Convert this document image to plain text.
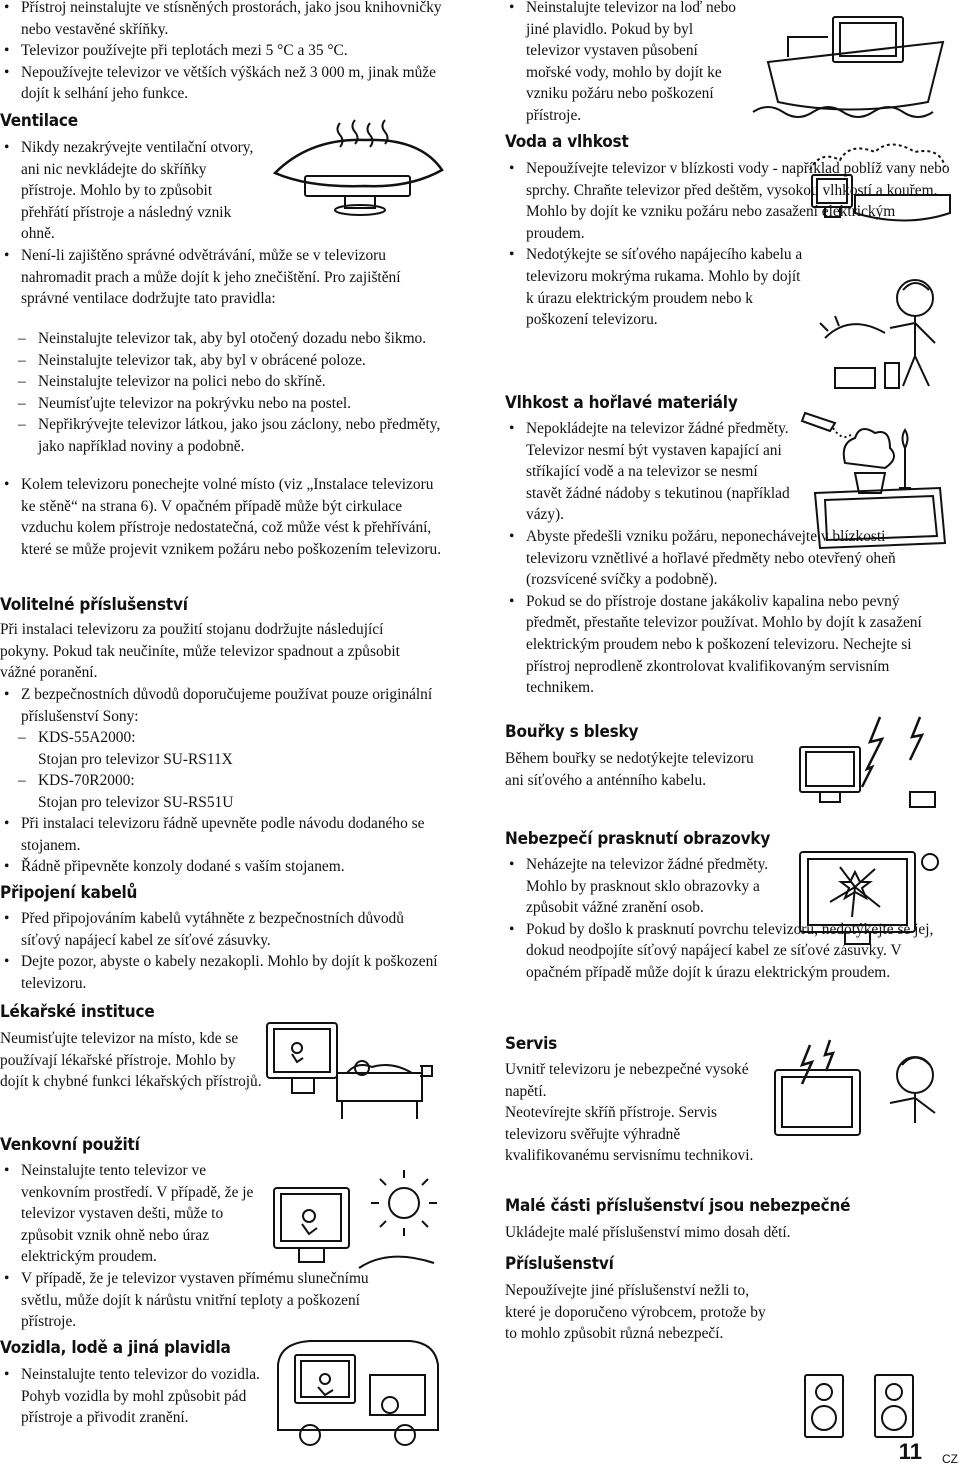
• Přístroj neinstalujte ve stísněných prostorách, jako jsou knihovničky nebo vestavěné skříňky.
• Televizor používejte při teplotách mezi 5 °C a 35 °C.
• Nepoužívejte televizor ve větších výškách než 3 000 m, jinak může dojít k selhání jeho funkce.
Ventilace
• Nikdy nezakrývejte ventilační otvory, ani nic nevkládejte do skříňky přístroje. Mohlo by to způsobit přehřátí přístroje a následný vznik ohně.
• Není-li zajištěno správné odvětrávání, může se v televizoru nahromadit prach a může dojít k jeho znečištění. Pro zajištění správné ventilace dodržujte tato pravidla:
– Neinstalujte televizor tak, aby byl otočený dozadu nebo šikmo.
– Neinstalujte televizor tak, aby byl v obrácené poloze.
– Neinstalujte televizor na polici nebo do skříně.
– Neumísťujte televizor na pokrývku nebo na postel.
– Nepřikrývejte televizor látkou, jako jsou záclony, nebo předměty, jako například noviny a podobně.
• Kolem televizoru ponechejte volné místo (viz „Instalace televizoru ke stěně“ na strana 6). V opačném případě může být cirkulace vzduchu kolem přístroje nedostatečná, což může vést k přehřívání, které se může projevit vznikem požáru nebo poškozením televizoru.
Volitelné příslušenství

Při instalaci televizoru za použití stojanu dodržujte následující pokyny. Pokud tak neučiníte, může televizor spadnout a způsobit vážné poranění.

• Z bezpečnostních důvodů doporučujeme používat pouze originální příslušenství Sony:
– KDS-55A2000:
Stojan pro televizor SU-RS11X
– KDS-70R2000:
Stojan pro televizor SU-RS51U
• Při instalaci televizoru řádně upevněte podle návodu dodaného se stojanem.
• Řádně připevněte konzoly dodané s vaším stojanem.
Připojení kabelů
• Před připojováním kabelů vytáhněte z bezpečnostních důvodů síťový napájecí kabel ze síťové zásuvky.
• Dejte pozor, abyste o kabely nezakopli. Mohlo by dojít k poškození televizoru.
Lékařské instituce

Neumisťujte televizor na místo, kde se používají lékařské přístroje. Mohlo by dojít k chybné funkci lékařských přístrojů.

Venkovní použití
• Neinstalujte tento televizor ve venkovním prostředí. V případě, že je televizor vystaven dešti, může to způsobit vznik ohně nebo úraz elektrickým proudem.
• V případě, že je televizor vystaven přímému slunečnímu světlu, může dojít k nárůstu vnitřní teploty a poškození přístroje.
Vozidla, lodě a jiná plavidla
• Neinstalujte tento televizor do vozidla. Pohyb vozidla by mohl způsobit pád přístroje a přivodit zranění.
• Neinstalujte televizor na loď nebo jiné plavidlo. Pokud by byl televizor vystaven působení mořské vody, mohlo by dojít ke vzniku požáru nebo poškození přístroje.
Voda a vlhkost
• Nepoužívejte televizor v blízkosti vody - například poblíž vany nebo sprchy. Chraňte televizor před deštěm, vysokou vlhkostí a kouřem. Mohlo by dojít ke vzniku požáru nebo zasažení elektrickým proudem.
• Nedotýkejte se síťového napájecího kabelu a televizoru mokrýma rukama. Mohlo by dojít k úrazu elektrickým proudem nebo k poškození televizoru.
Vlhkost a hořlavé materiály
• Nepokládejte na televizor žádné předměty. Televizor nesmí být vystaven kapající ani stříkající vodě a na televizor se nesmí stavět žádné nádoby s tekutinou (například vázy).
• Abyste předešli vzniku požáru, neponechávejte v blízkosti televizoru vznětlivé a hořlavé předměty nebo otevřený oheň (rozsvícené svíčky a podobně).
• Pokud se do přístroje dostane jakákoliv kapalina nebo pevný předmět, přestaňte televizor používat. Mohlo by dojít k zasažení elektrickým proudem nebo k poškození televizoru. Nechejte si přístroj neprodleně zkontrolovat kvalifikovaným servisním technikem.
Bouřky s blesky

Během bouřky se nedotýkejte televizoru ani síťového a anténního kabelu.

Nebezpečí prasknutí obrazovky
• Neházejte na televizor žádné předměty. Mohlo by prasknout sklo obrazovky a způsobit vážné zranění osob.
• Pokud by došlo k prasknutí povrchu televizoru, nedotýkejte se jej, dokud neodpojíte síťový napájecí kabel ze síťové zásuvky. V opačném případě může dojít k úrazu elektrickým proudem.
Servis

Uvnitř televizoru je nebezpečné vysoké napětí.

Neotevírejte skříň přístroje. Servis televizoru svěřujte výhradně kvalifikovanému servisnímu technikovi.

Malé části příslušenství jsou nebezpečné

Ukládejte malé příslušenství mimo dosah dětí.

Příslušenství

Nepoužívejte jiné příslušenství nežli to, které je doporučeno výrobcem, protože by to mohlo způsobit různá nebezpečí.

11 CZ
